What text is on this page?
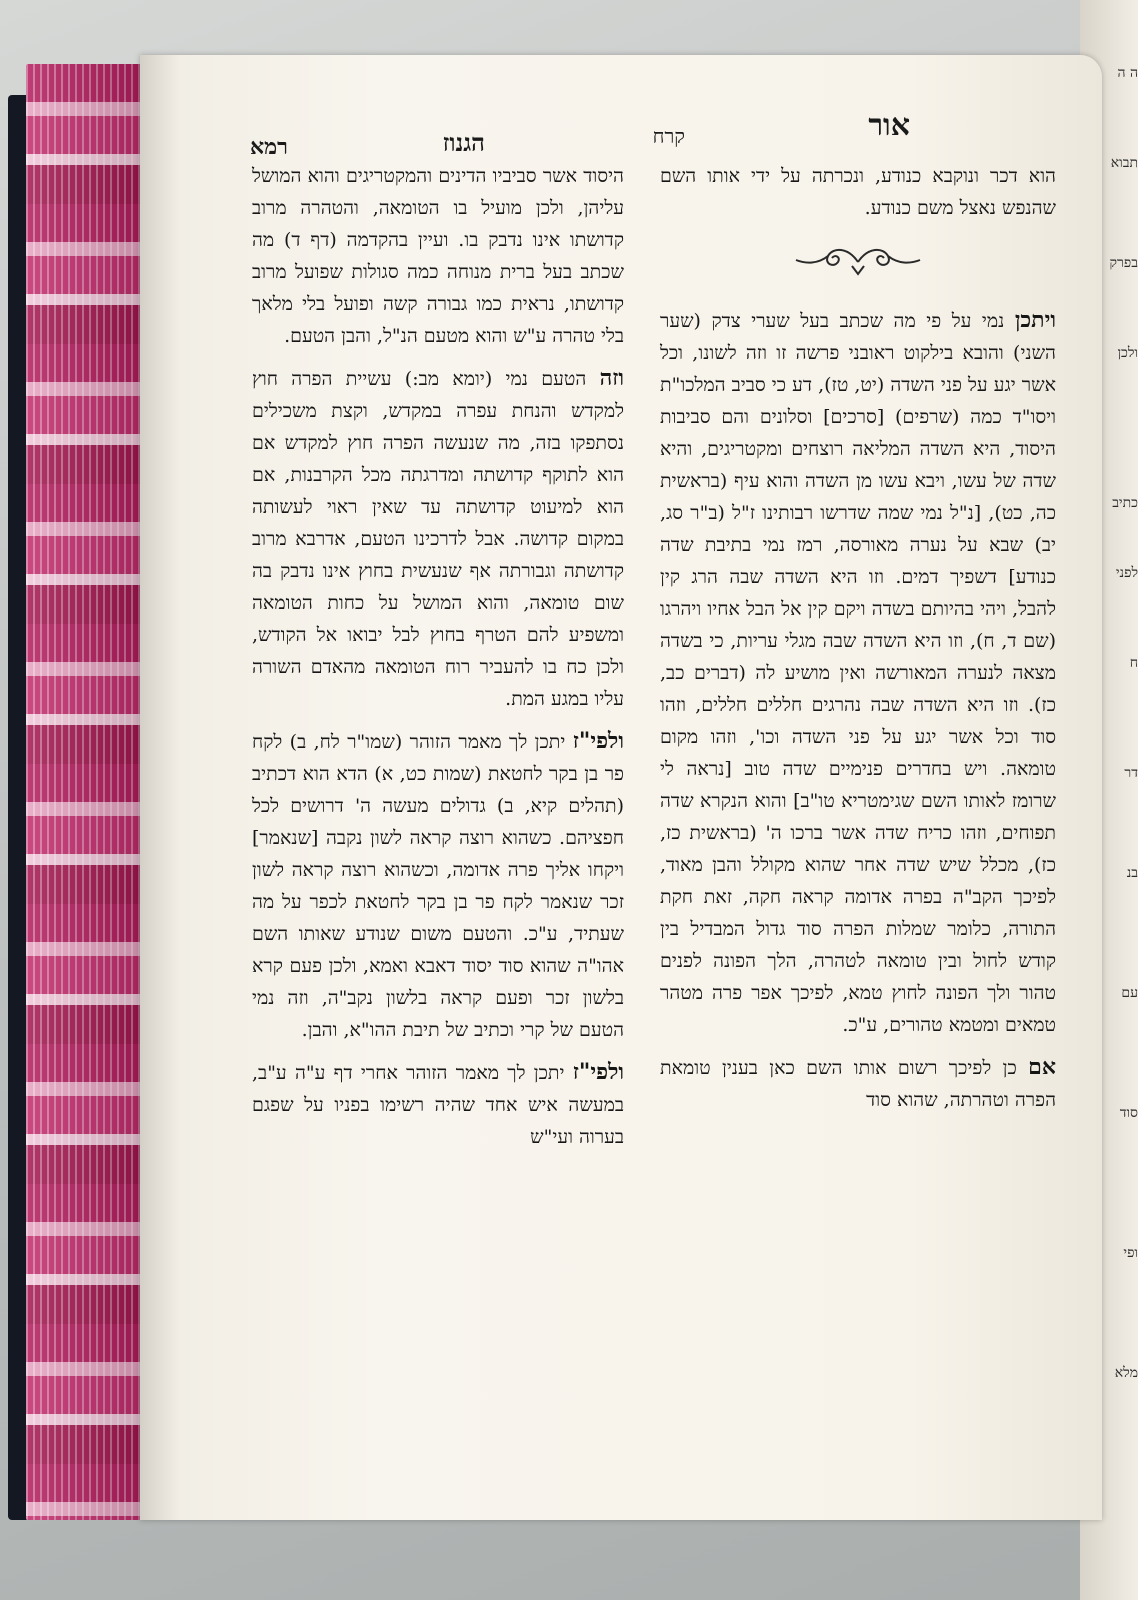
ה ה
תבוא
בפרק
ולכן
כתיב
לפני
ח
דר
בנ
עם
סוד
ופי
מלא
אור
קרח
הגנוז
רמא

הוא דכר ונוקבא כנודע, ונכרתה על ידי אותו השם שהנפש נאצל משם כנודע.

ויתכן נמי על פי מה שכתב בעל שערי צדק (שער השני) והובא בילקוט ראובני פרשה זו וזה לשונו, וכל אשר יגע על פני השדה (יט, טז), דע כי סביב המלכו"ת ויסו"ד כמה (שרפים) [סרכים] וסלונים והם סביבות היסוד, היא השדה המליאה רוצחים ומקטריגים, והיא שדה של עשו, ויבא עשו מן השדה והוא עיף (בראשית כה, כט), [נ"ל נמי שמה שדרשו רבותינו ז"ל (ב"ר סג, יב) שבא על נערה מאורסה, רמז נמי בתיבת שדה כנודע] דשפיך דמים. וזו היא השדה שבה הרג קין להבל, ויהי בהיותם בשדה ויקם קין אל הבל אחיו ויהרגו (שם ד, ח), וזו היא השדה שבה מגלי עריות, כי בשדה מצאה לנערה המאורשה ואין מושיע לה (דברים כב, כז). וזו היא השדה שבה נהרגים חללים חללים, וזהו סוד וכל אשר יגע על פני השדה וכו', וזהו מקום טומאה. ויש בחדרים פנימיים שדה טוב [נראה לי שרומז לאותו השם שגימטריא טו"ב] והוא הנקרא שדה תפוחים, וזהו כריח שדה אשר ברכו ה' (בראשית כז, כז), מכלל שיש שדה אחר שהוא מקולל והבן מאוד, לפיכך הקב"ה בפרה אדומה קראה חקה, זאת חקת התורה, כלומר שמלות הפרה סוד גדול המבדיל בין קודש לחול ובין טומאה לטהרה, הלך הפונה לפנים טהור ולך הפונה לחוץ טמא, לפיכך אפר פרה מטהר טמאים ומטמא טהורים, ע"כ.

אם כן לפיכך רשום אותו השם כאן בענין טומאת הפרה וטהרתה, שהוא סוד

היסוד אשר סביביו הדינים והמקטריגים והוא המושל עליהן, ולכן מועיל בו הטומאה, והטהרה מרוב קדושתו אינו נדבק בו. ועיין בהקדמה (דף ד) מה שכתב בעל ברית מנוחה כמה סגולות שפועל מרוב קדושתו, נראית כמו גבורה קשה ופועל בלי מלאך בלי טהרה ע"ש והוא מטעם הנ"ל, והבן הטעם.

וזה הטעם נמי (יומא מב:) עשיית הפרה חוץ למקדש והנחת עפרה במקדש, וקצת משכילים נסתפקו בזה, מה שנעשה הפרה חוץ למקדש אם הוא לתוקף קדושתה ומדרגתה מכל הקרבנות, אם הוא למיעוט קדושתה עד שאין ראוי לעשותה במקום קדושה. אבל לדרכינו הטעם, אדרבא מרוב קדושתה וגבורתה אף שנעשית בחוץ אינו נדבק בה שום טומאה, והוא המושל על כחות הטומאה ומשפיע להם הטרף בחוץ לבל יבואו אל הקודש, ולכן כח בו להעביר רוח הטומאה מהאדם השורה עליו במגע המת.

ולפי"ז יתכן לך מאמר הזוהר (שמו"ר לח, ב) לקח פר בן בקר לחטאת (שמות כט, א) הדא הוא דכתיב (תהלים קיא, ב) גדולים מעשה ה' דרושים לכל חפציהם. כשהוא רוצה קראה לשון נקבה [שנאמר] ויקחו אליך פרה אדומה, וכשהוא רוצה קראה לשון זכר שנאמר לקח פר בן בקר לחטאת לכפר על מה שעתיד, ע"כ. והטעם משום שנודע שאותו השם אהו"ה שהוא סוד יסוד דאבא ואמא, ולכן פעם קרא בלשון זכר ופעם קראה בלשון נקב"ה, וזה נמי הטעם של קרי וכתיב של תיבת ההו"א, והבן.

ולפי"ז יתכן לך מאמר הזוהר אחרי דף ע"ה ע"ב, במעשה איש אחד שהיה רשימו בפניו על שפגם בערוה ועי"ש
